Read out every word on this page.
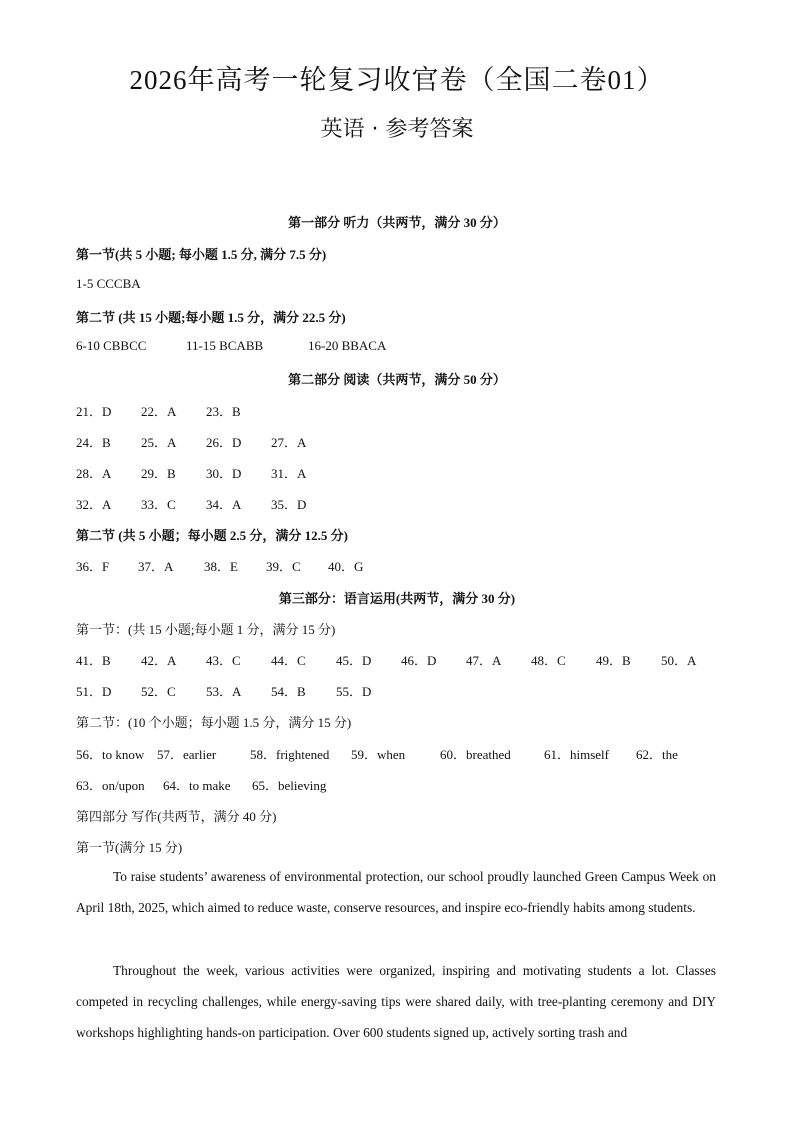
2026年高考一轮复习收官卷（全国二卷01）
英语 · 参考答案
第一部分 听力（共两节，满分 30 分）
第一节(共 5 小题; 每小题 1.5 分, 满分 7.5 分)
1-5 CCCBA
第二节 (共 15 小题;每小题 1.5 分，满分 22.5 分)
6-10 CBBCC	11-15 BCABB	16-20 BBACA
第二部分 阅读（共两节，满分 50 分）
21．D 22．A 23．B
24．B 25．A 26．D 27．A
28．A 29．B 30．D 31．A
32．A 33．C 34．A 35．D
第二节 (共 5 小题；每小题 2.5 分，满分 12.5 分)
36．F 37．A 38．E 39．C 40．G
第三部分：语言运用(共两节，满分 30 分)
第一节：(共 15 小题;每小题 1 分，满分 15 分)
41．B 42．A 43．C 44．C 45．D 46．D 47．A 48．C 49．B 50．A
51．D 52．C 53．A 54．B 55．D
第二节：(10 个小题；每小题 1.5 分，满分 15 分)
56．to know 57．earlier	58．frightened 59．when	60．breathed	61．himself 62．the
63．on/upon 64．to make 65．believing
第四部分 写作(共两节，满分 40 分)
第一节(满分 15 分)
To raise students’ awareness of environmental protection, our school proudly launched Green Campus Week on April 18th, 2025, which aimed to reduce waste, conserve resources, and inspire eco-friendly habits among students.
Throughout the week, various activities were organized, inspiring and motivating students a lot. Classes competed in recycling challenges, while energy-saving tips were shared daily, with tree-planting ceremony and DIY workshops highlighting hands-on participation. Over 600 students signed up, actively sorting trash and
